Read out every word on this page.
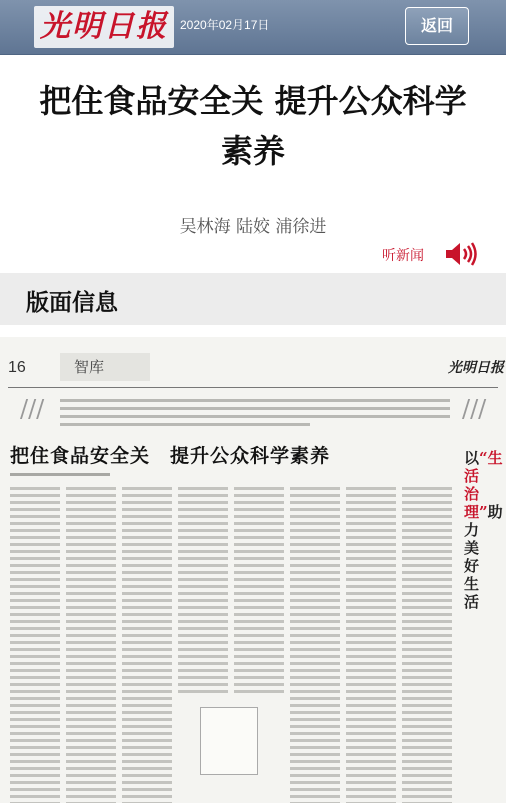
光明日报	2020年02月17日	返回
把住食品安全关 提升公众科学
素养
吴林海 陆姣 浦徐进
听新闻
版面信息
16	智库	光明日报
///	///
把住食品安全关　提升公众科学素养	以“生活治理”助力美好生活
